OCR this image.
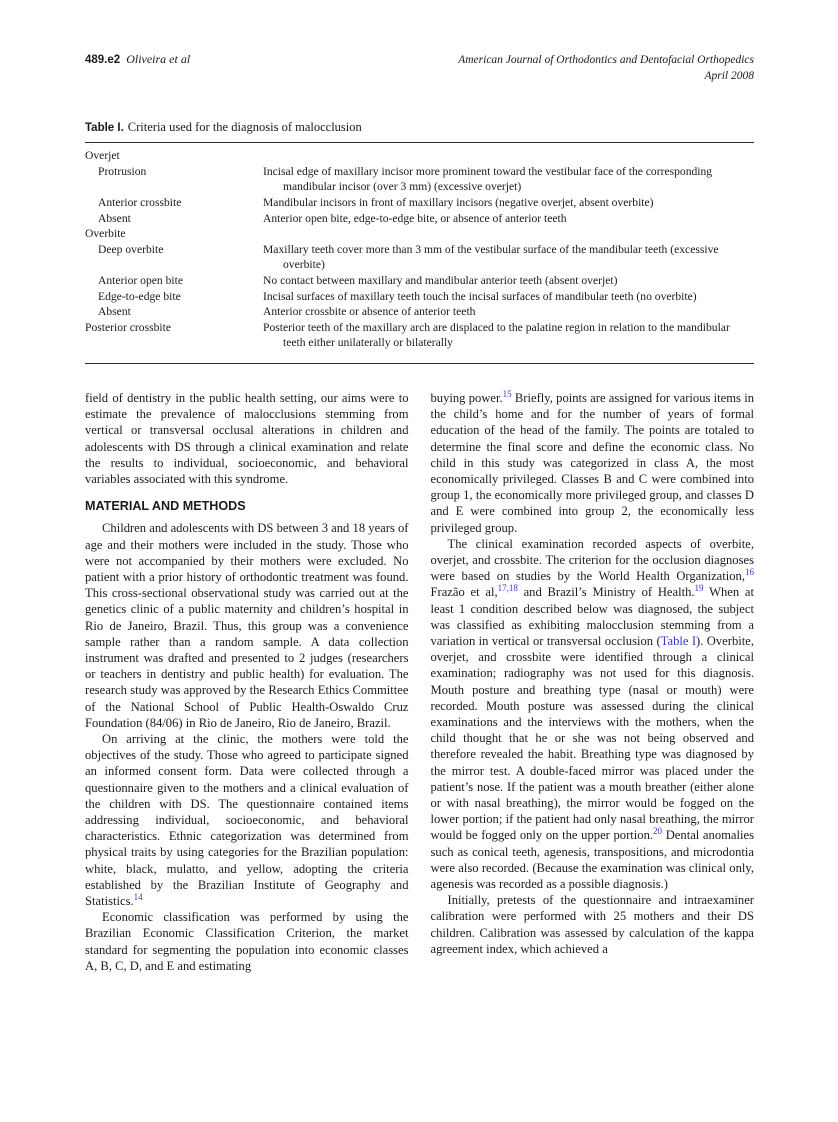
489.e2 Oliveira et al	American Journal of Orthodontics and Dentofacial Orthopedics
April 2008
Table I. Criteria used for the diagnosis of malocclusion
Overjet
Protrusion	Incisal edge of maxillary incisor more prominent toward the vestibular face of the corresponding mandibular incisor (over 3 mm) (excessive overjet)
Anterior crossbite	Mandibular incisors in front of maxillary incisors (negative overjet, absent overbite)
Absent	Anterior open bite, edge-to-edge bite, or absence of anterior teeth
Overbite
Deep overbite	Maxillary teeth cover more than 3 mm of the vestibular surface of the mandibular teeth (excessive overbite)
Anterior open bite	No contact between maxillary and mandibular anterior teeth (absent overjet)
Edge-to-edge bite	Incisal surfaces of maxillary teeth touch the incisal surfaces of mandibular teeth (no overbite)
Absent	Anterior crossbite or absence of anterior teeth
Posterior crossbite	Posterior teeth of the maxillary arch are displaced to the palatine region in relation to the mandibular teeth either unilaterally or bilaterally

field of dentistry in the public health setting, our aims were to estimate the prevalence of malocclusions stemming from vertical or transversal occlusal alterations in children and adolescents with DS through a clinical examination and relate the results to individual, socioeconomic, and behavioral variables associated with this syndrome.

MATERIAL AND METHODS

Children and adolescents with DS between 3 and 18 years of age and their mothers were included in the study. Those who were not accompanied by their mothers were excluded. No patient with a prior history of orthodontic treatment was found. This cross-sectional observational study was carried out at the genetics clinic of a public maternity and children’s hospital in Rio de Janeiro, Brazil. Thus, this group was a convenience sample rather than a random sample. A data collection instrument was drafted and presented to 2 judges (researchers or teachers in dentistry and public health) for evaluation. The research study was approved by the Research Ethics Committee of the National School of Public Health-Oswaldo Cruz Foundation (84/06) in Rio de Janeiro, Rio de Janeiro, Brazil.

On arriving at the clinic, the mothers were told the objectives of the study. Those who agreed to participate signed an informed consent form. Data were collected through a questionnaire given to the mothers and a clinical evaluation of the children with DS. The questionnaire contained items addressing individual, socioeconomic, and behavioral characteristics. Ethnic categorization was determined from physical traits by using categories for the Brazilian population: white, black, mulatto, and yellow, adopting the criteria established by the Brazilian Institute of Geography and Statistics.$^{14}$

Economic classification was performed by using the Brazilian Economic Classification Criterion, the market standard for segmenting the population into economic classes A, B, C, D, and E and estimating

buying power.$^{15}$ Briefly, points are assigned for various items in the child’s home and for the number of years of formal education of the head of the family. The points are totaled to determine the final score and define the economic class. No child in this study was categorized in class A, the most economically privileged. Classes B and C were combined into group 1, the economically more privileged group, and classes D and E were combined into group 2, the economically less privileged group.

The clinical examination recorded aspects of overbite, overjet, and crossbite. The criterion for the occlusion diagnoses were based on studies by the World Health Organization,$^{16}$ Frazão et al,$^{17,18}$ and Brazil’s Ministry of Health.$^{19}$ When at least 1 condition described below was diagnosed, the subject was classified as exhibiting malocclusion stemming from a variation in vertical or transversal occlusion (Table I). Overbite, overjet, and crossbite were identified through a clinical examination; radiography was not used for this diagnosis. Mouth posture and breathing type (nasal or mouth) were recorded. Mouth posture was assessed during the clinical examinations and the interviews with the mothers, when the child thought that he or she was not being observed and therefore revealed the habit. Breathing type was diagnosed by the mirror test. A double-faced mirror was placed under the patient’s nose. If the patient was a mouth breather (either alone or with nasal breathing), the mirror would be fogged on the lower portion; if the patient had only nasal breathing, the mirror would be fogged only on the upper portion.$^{20}$ Dental anomalies such as conical teeth, agenesis, transpositions, and microdontia were also recorded. (Because the examination was clinical only, agenesis was recorded as a possible diagnosis.)

Initially, pretests of the questionnaire and intraexaminer calibration were performed with 25 mothers and their DS children. Calibration was assessed by calculation of the kappa agreement index, which achieved a
